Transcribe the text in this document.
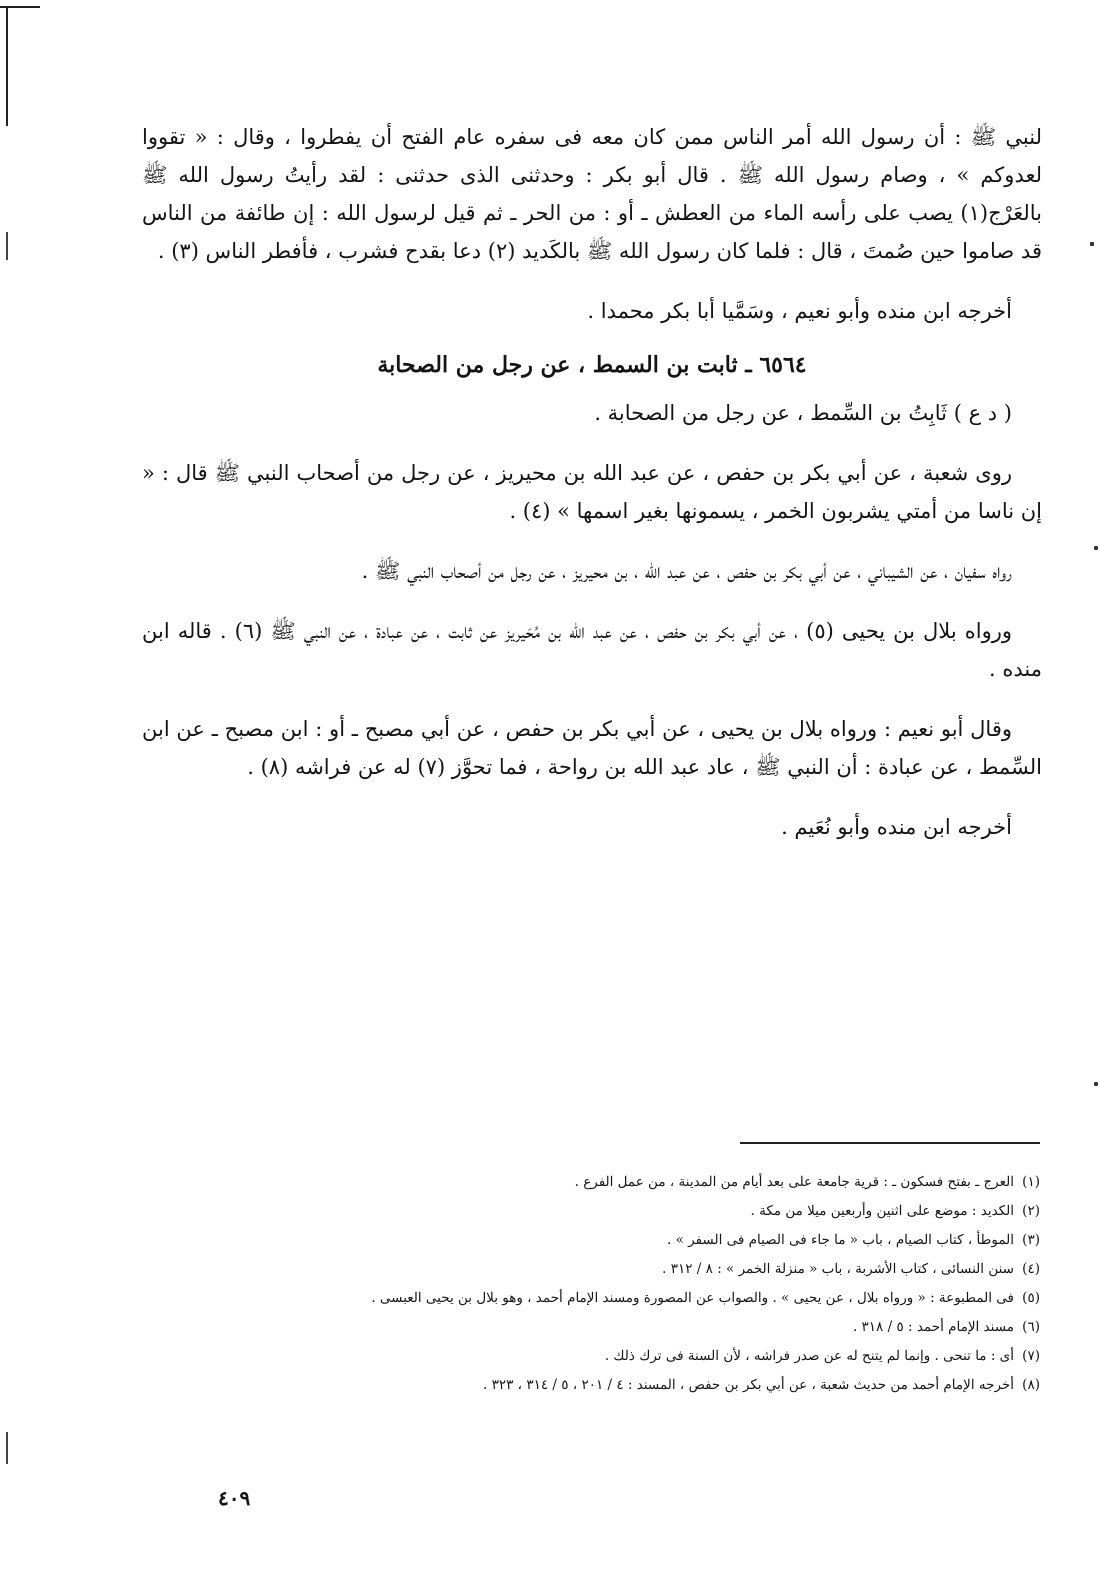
لنبي ﷺ : أن رسول الله أمر الناس ممن كان معه فى سفره عام الفتح أن يفطروا ، وقال : « تقووا لعدوكم » ، وصام رسول الله ﷺ . قال أبو بكر : وحدثنى الذى حدثنى : لقد رأيتُ رسول الله ﷺ بالعَرْج(١) يصب على رأسه الماء من العطش ـ أو : من الحر ـ ثم قيل لرسول الله : إن طائفة من الناس قد صاموا حين صُمتَ ، قال : فلما كان رسول الله ﷺ بالكَديد (٢) دعا بقدح فشرب ، فأفطر الناس (٣) .

أخرجه ابن منده وأبو نعيم ، وسَمَّيا أبا بكر محمدا .

٦٥٦٤ ـ ثابت بن السمط ، عن رجل من الصحابة

( د ع ) ثَابِتُ بن السِّمط ، عن رجل من الصحابة .

روى شعبة ، عن أبي بكر بن حفص ، عن عبد الله بن محيريز ، عن رجل من أصحاب النبي ﷺ قال : « إن ناسا من أمتي يشربون الخمر ، يسمونها بغير اسمها » (٤) .

رواه سفيان ، عن الشيباني ، عن أبي بكر بن حفص ، عن عبد الله ، بن محيريز ، عن رجل من أصحاب النبي ﷺ .

ورواه بلال بن يحيى (٥) ، عن أبي بكر بن حفص ، عن عبد الله بن مُحَيريز عن ثابت ، عن عبادة ، عن النبي ﷺ (٦) . قاله ابن منده .

وقال أبو نعيم : ورواه بلال بن يحيى ، عن أبي بكر بن حفص ، عن أبي مصبح ـ أو : ابن مصبح ـ عن ابن السِّمط ، عن عبادة : أن النبي ﷺ ، عاد عبد الله بن رواحة ، فما تحوَّز (٧) له عن فراشه (٨) .

أخرجه ابن منده وأبو نُعَيم .

(١)العرج ـ بفتح فسكون ـ : قرية جامعة على بعد أيام من المدينة ، من عمل الفرع .
(٢)الكديد : موضع على اثنين وأربعين ميلا من مكة .
(٣)الموطأ ، كتاب الصيام ، باب « ما جاء فى الصيام فى السفر » .
(٤)سنن النسائى ، كتاب الأشربة ، باب « منزلة الخمر » : ٨ / ٣١٢ .
(٥)فى المطبوعة : « ورواه بلال ، عن يحيى » . والصواب عن المصورة ومسند الإمام أحمد ، وهو بلال بن يحيى العبسى .
(٦)مسند الإمام أحمد : ٥ / ٣١٨ .
(٧)أى : ما تنحى . وإنما لم يتنح له عن صدر فراشه ، لأن السنة فى ترك ذلك .
(٨)أخرجه الإمام أحمد من حديث شعبة ، عن أبي بكر بن حفص ، المسند : ٤ / ٢٠١ ، ٥ / ٣١٤ ، ٣٢٣ .
٤٠٩
